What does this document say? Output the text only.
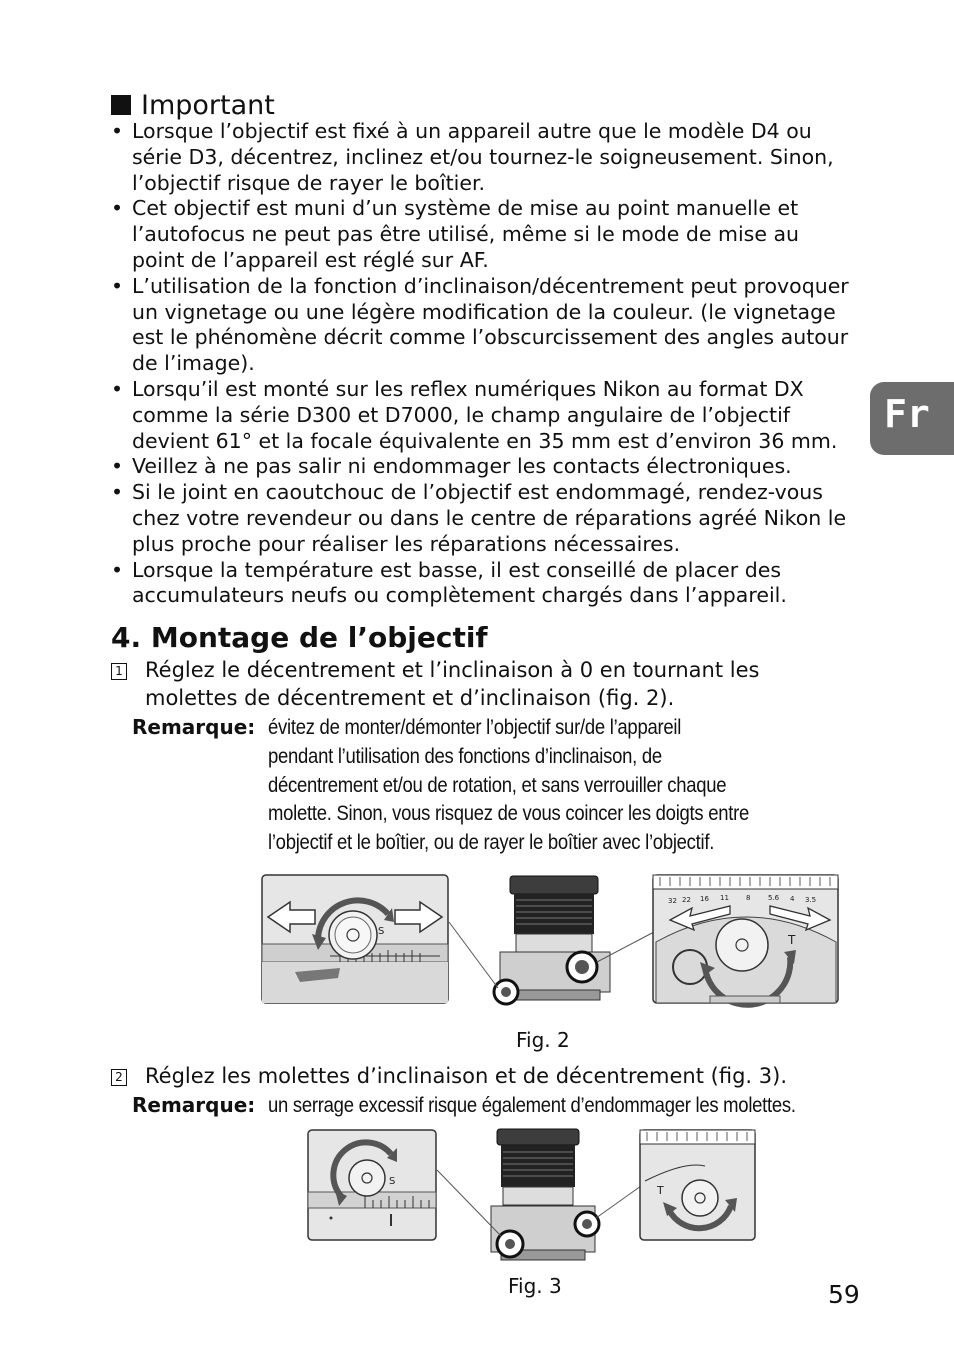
Important
• Lorsque l’objectif est fixé à un appareil autre que le modèle D4 ou série D3, décentrez, inclinez et/ou tournez-le soigneusement. Sinon, l’objectif risque de rayer le boîtier.
• Cet objectif est muni d’un système de mise au point manuelle et l’autofocus ne peut pas être utilisé, même si le mode de mise au point de l’appareil est réglé sur AF.
• L’utilisation de la fonction d’inclinaison/décentrement peut provoquer un vignetage ou une légère modification de la couleur. (le vignetage est le phénomène décrit comme l’obscurcissement des angles autour de l’image).
• Lorsqu’il est monté sur les reflex numériques Nikon au format DX comme la série D300 et D7000, le champ angulaire de l’objectif devient 61° et la focale équivalente en 35 mm est d’environ 36 mm.
• Veillez à ne pas salir ni endommager les contacts électroniques.
• Si le joint en caoutchouc de l’objectif est endommagé, rendez-vous chez votre revendeur ou dans le centre de réparations agréé Nikon le plus proche pour réaliser les réparations nécessaires.
• Lorsque la température est basse, il est conseillé de placer des accumulateurs neufs ou complètement chargés dans l’appareil.
4. Montage de l’objectif
1 Réglez le décentrement et l’inclinaison à 0 en tournant les
molettes de décentrement et d’inclinaison (fig. 2).
Remarque: évitez de monter/démonter l’objectif sur/de l’appareil
pendant l’utilisation des fonctions d’inclinaison, de
décentrement et/ou de rotation, et sans verrouiller chaque
molette. Sinon, vous risquez de vous coincer les doigts entre
l’objectif et le boîtier, ou de rayer le boîtier avec l’objectif.
S
32 22 16 11 8	5.6 4 3.5
T
Fig. 2
2 Réglez les molettes d’inclinaison et de décentrement (fig. 3).
Remarque: un serrage excessif risque également d’endommager les molettes.
S
T
Fig. 3
Fr
59
